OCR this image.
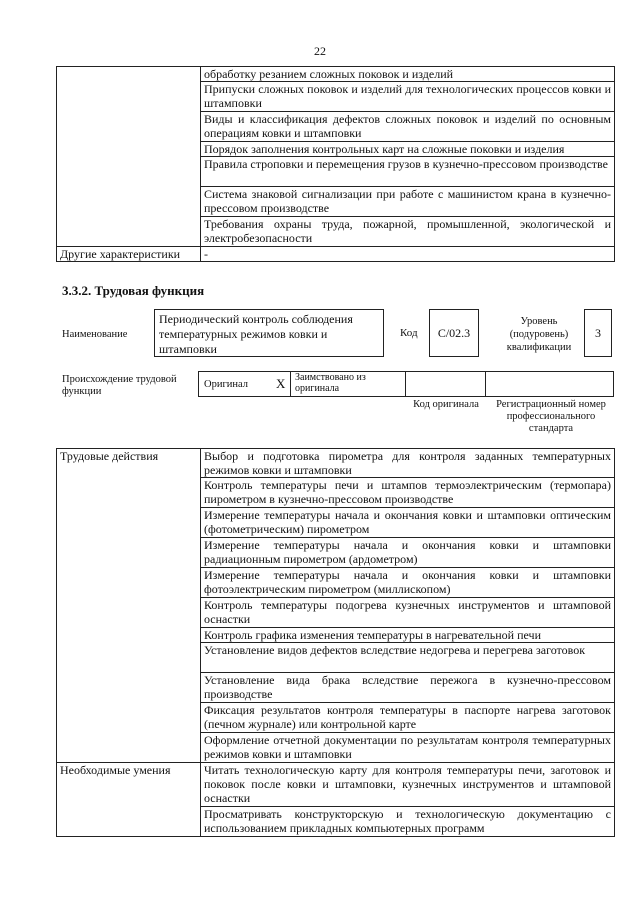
22
	обработку резанием сложных поковок и изделий
	Припуски сложных поковок и изделий для технологических процессов ковки и штамповки
	Виды и классификация дефектов сложных поковок и изделий по основным операциям ковки и штамповки
	Порядок заполнения контрольных карт на сложные поковки и изделия
	Правила строповки и перемещения грузов в кузнечно-прессовом производстве
	Система знаковой сигнализации при работе с машинистом крана в кузнечно-прессовом производстве
	Требования охраны труда, пожарной, промышленной, экологической и электробезопасности
Другие характеристики	-
3.3.2. Трудовая функция
Наименование
Периодический контроль соблюдения температурных режимов ковки и штамповки
Код	C/02.3
Уровень (подуровень) квалификации
3
Происхождение трудовой функции
Оригинал X Заимствовано из оригинала
Код оригинала	Регистрационный номер профессионального стандарта
Трудовые действия	Выбор и подготовка пирометра для контроля заданных температурных режимов ковки и штамповки
	Контроль температуры печи и штампов термоэлектрическим (термопара) пирометром в кузнечно-прессовом производстве
	Измерение температуры начала и окончания ковки и штамповки оптическим (фотометрическим) пирометром
	Измерение температуры начала и окончания ковки и штамповки радиационным пирометром (ардометром)
	Измерение температуры начала и окончания ковки и штамповки фотоэлектрическим пирометром (миллископом)
	Контроль температуры подогрева кузнечных инструментов и штамповой оснастки
	Контроль графика изменения температуры в нагревательной печи
	Установление видов дефектов вследствие недогрева и перегрева заготовок
	Установление вида брака вследствие пережога в кузнечно-прессовом производстве
	Фиксация результатов контроля температуры в паспорте нагрева заготовок (печном журнале) или контрольной карте
	Оформление отчетной документации по результатам контроля температурных режимов ковки и штамповки
Необходимые умения	Читать технологическую карту для контроля температуры печи, заготовок и поковок после ковки и штамповки, кузнечных инструментов и штамповой оснастки
	Просматривать конструкторскую и технологическую документацию с использованием прикладных компьютерных программ
